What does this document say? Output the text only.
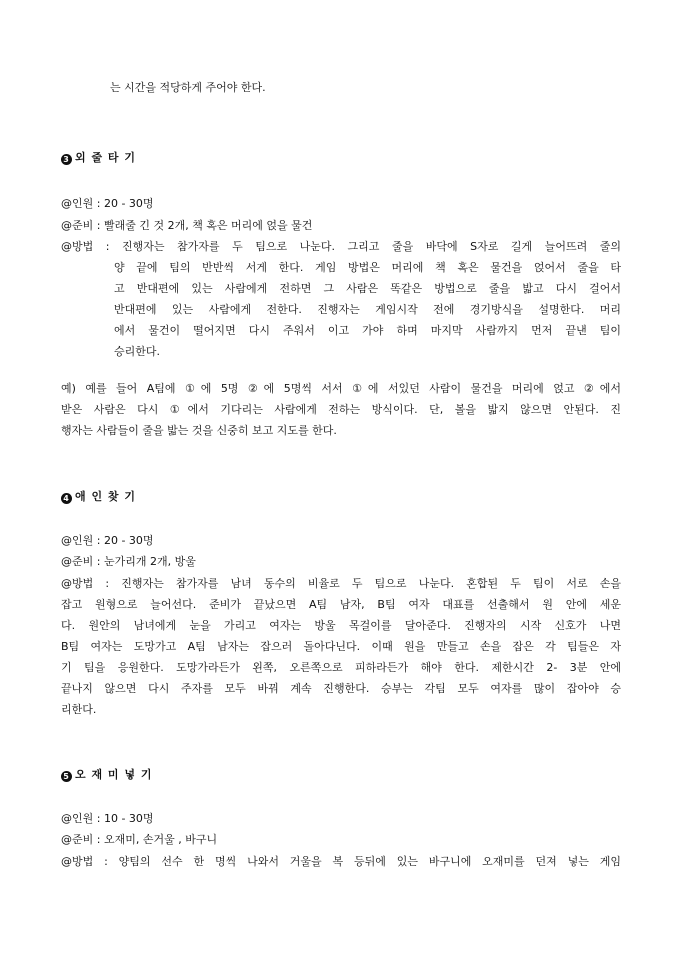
는 시간을 적당하게 주어야 한다.
3 외 줄 타 기
@인원 : 20 - 30명
@준비 : 빨래줄 긴 것 2개, 책 혹은 머리에 얹을 물건
@방법 : 진행자는 참가자를 두 팀으로 나눈다. 그리고 줄을 바닥에 S자로 길게 늘어뜨려 줄의
양 끝에 팀의 반반씩 서게 한다. 게임 방법은 머리에 책 혹은 물건을 얹어서 줄을 타
고 반대편에 있는 사람에게 전하면 그 사람은 똑같은 방법으로 줄을 밟고 다시 걸어서
반대편에 있는 사람에게 전한다. 진행자는 게임시작 전에 경기방식을 설명한다. 머리
에서 물건이 떨어지면 다시 주워서 이고 가야 하며 마지막 사람까지 먼저 끝낸 팀이
승리한다.
예) 예를 들어 A팀에 ①에 5명 ②에 5명씩 서서 ①에 서있던 사람이 물건을 머리에 얹고 ②에서
받은 사람은 다시 ①에서 기다리는 사람에게 전하는 방식이다. 단, 볼을 밟지 않으면 안된다. 진
행자는 사람들이 줄을 밟는 것을 신중히 보고 지도를 한다.
4 애 인 찾 기
@인원 : 20 - 30명
@준비 : 눈가리개 2개, 방울
@방법 : 진행자는 참가자를 남녀 동수의 비율로 두 팀으로 나눈다. 혼합된 두 팀이 서로 손을
잡고 원형으로 늘어선다. 준비가 끝났으면 A팀 남자, B팀 여자 대표를 선출해서 원 안에 세운
다. 원안의 남녀에게 눈을 가리고 여자는 방울 목걸이를 달아준다. 진행자의 시작 신호가 나면
B팀 여자는 도망가고 A팀 남자는 잡으러 돌아다닌다. 이때 원을 만들고 손을 잡은 각 팀들은 자
기 팀을 응원한다. 도망가라든가 왼쪽, 오른쪽으로 피하라든가 해야 한다. 제한시간 2- 3분 안에
끝나지 않으면 다시 주자를 모두 바꿔 계속 진행한다. 승부는 각팀 모두 여자를 많이 잡아야 승
리한다.
5 오 재 미 넣 기
@인원 : 10 - 30명
@준비 : 오재미, 손거울 , 바구니
@방법 : 양팀의 선수 한 명씩 나와서 거울을 복 등뒤에 있는 바구니에 오재미를 던져 넣는 게임
